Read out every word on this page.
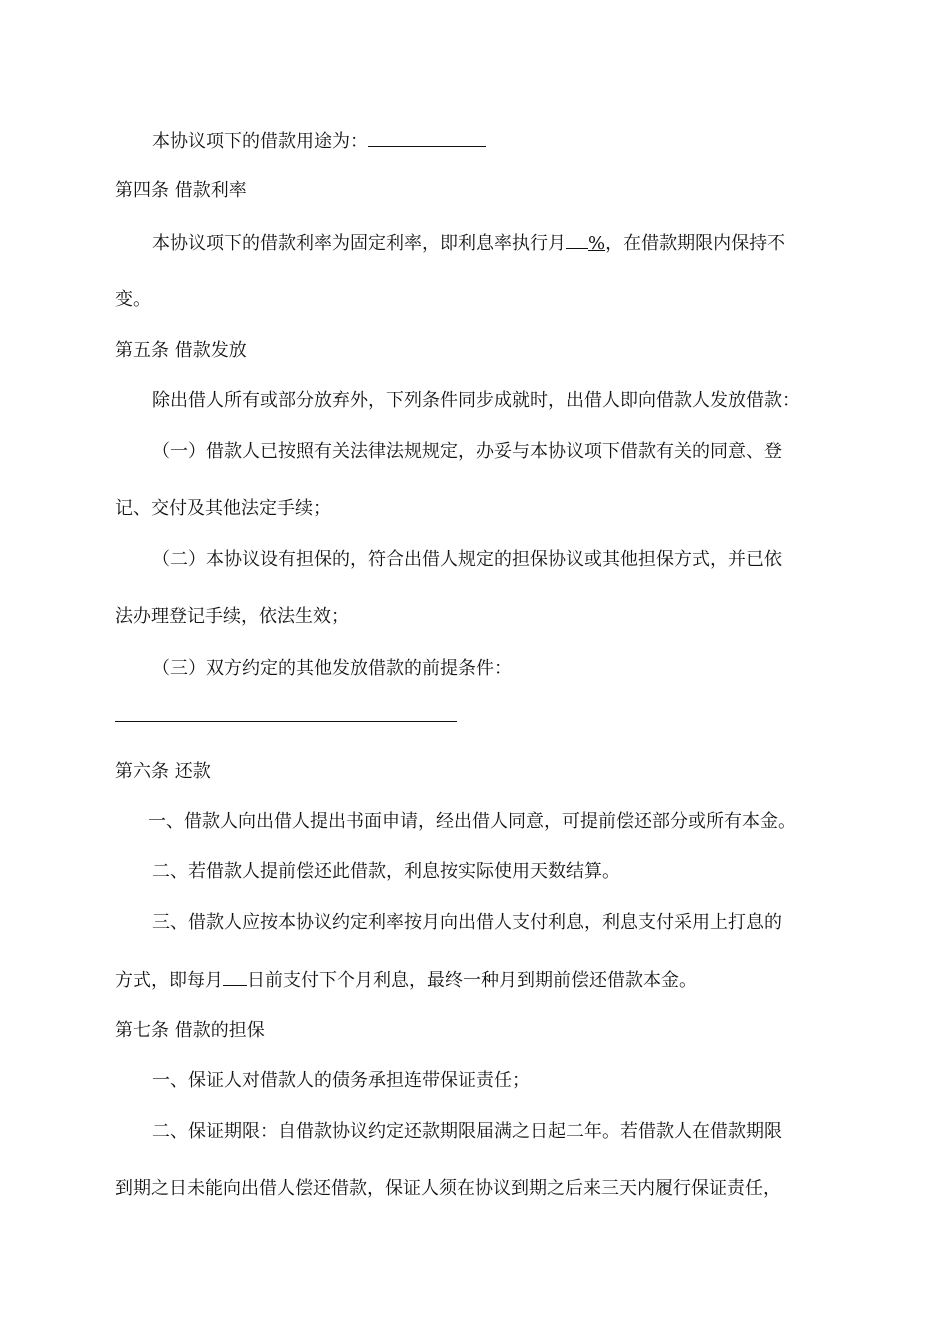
本协议项下的借款用途为：
第四条 借款利率
本协议项下的借款利率为固定利率，即利息率执行月 %，在借款期限内保持不
变。
第五条 借款发放
除出借人所有或部分放弃外，下列条件同步成就时，出借人即向借款人发放借款：
（一）借款人已按照有关法律法规规定，办妥与本协议项下借款有关的同意、登
记、交付及其他法定手续；
（二）本协议设有担保的，符合出借人规定的担保协议或其他担保方式，并已依
法办理登记手续，依法生效；
（三）双方约定的其他发放借款的前提条件：
第六条 还款
一、借款人向出借人提出书面申请，经出借人同意，可提前偿还部分或所有本金。
二、若借款人提前偿还此借款，利息按实际使用天数结算。
三、借款人应按本协议约定利率按月向出借人支付利息，利息支付采用上打息的
方式，即每月 日前支付下个月利息，最终一种月到期前偿还借款本金。
第七条 借款的担保
一、保证人对借款人的债务承担连带保证责任；
二、保证期限：自借款协议约定还款期限届满之日起二年。若借款人在借款期限
到期之日未能向出借人偿还借款，保证人须在协议到期之后来三天内履行保证责任，
